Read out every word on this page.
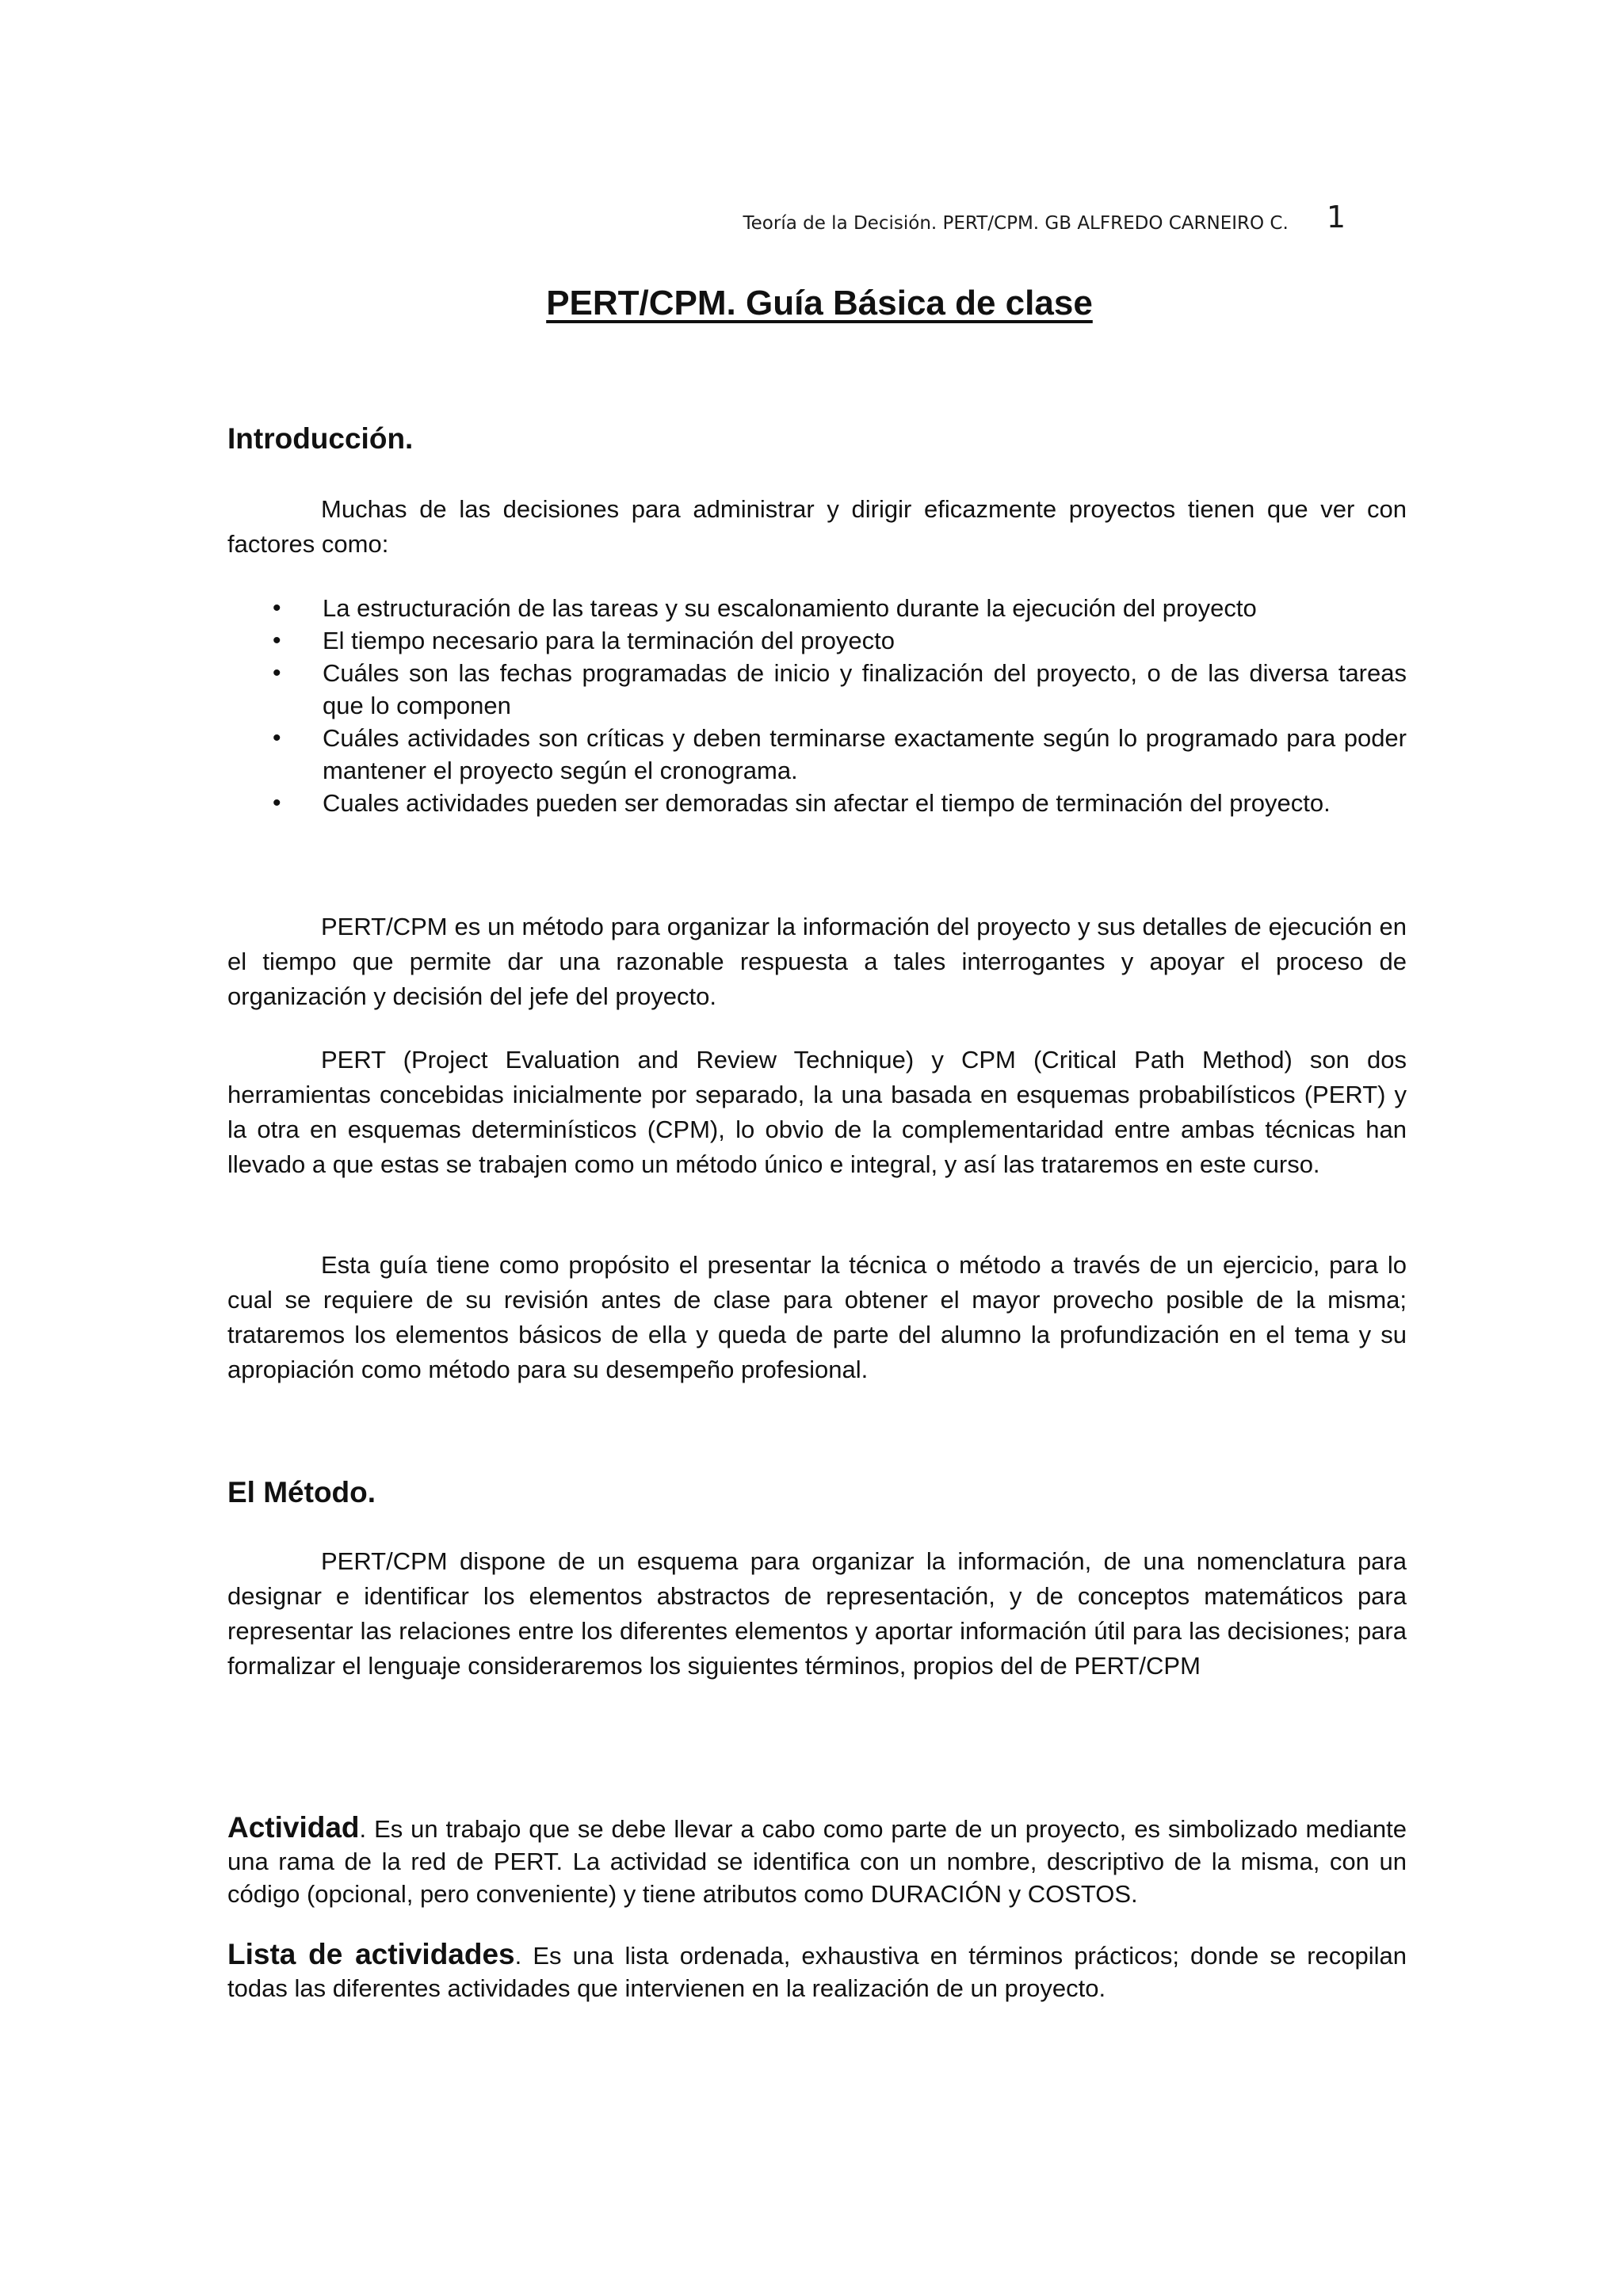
Teoría de la Decisión. PERT/CPM. GB ALFREDO CARNEIRO C. 1
PERT/CPM. Guía Básica de clase
Introducción.

Muchas de las decisiones para administrar y dirigir eficazmente proyectos tienen que ver con factores como:

• La estructuración de las tareas y su escalonamiento durante la ejecución del proyecto
• El tiempo necesario para la terminación del proyecto
• Cuáles son las fechas programadas de inicio y finalización del proyecto, o de las diversa tareas que lo componen
• Cuáles actividades son críticas y deben terminarse exactamente según lo programado para poder mantener el proyecto según el cronograma.
• Cuales actividades pueden ser demoradas sin afectar el tiempo de terminación del proyecto.

PERT/CPM es un método para organizar la información del proyecto y sus detalles de ejecución en el tiempo que permite dar una razonable respuesta a tales interrogantes y apoyar el proceso de organización y decisión del jefe del proyecto.

PERT (Project Evaluation and Review Technique) y CPM (Critical Path Method) son dos herramientas concebidas inicialmente por separado, la una basada en esquemas probabilísticos (PERT) y la otra en esquemas determinísticos (CPM), lo obvio de la complementaridad entre ambas técnicas han llevado a que estas se trabajen como un método único e integral, y así las trataremos en este curso.

Esta guía tiene como propósito el presentar la técnica o método a través de un ejercicio, para lo cual se requiere de su revisión antes de clase para obtener el mayor provecho posible de la misma; trataremos los elementos básicos de ella y queda de parte del alumno la profundización en el tema y su apropiación como método para su desempeño profesional.

El Método.

PERT/CPM dispone de un esquema para organizar la información, de una nomenclatura para designar e identificar los elementos abstractos de representación, y de conceptos matemáticos para representar las relaciones entre los diferentes elementos y aportar información útil para las decisiones; para formalizar el lenguaje consideraremos los siguientes términos, propios del de PERT/CPM

Actividad. Es un trabajo que se debe llevar a cabo como parte de un proyecto, es simbolizado mediante una rama de la red de PERT. La actividad se identifica con un nombre, descriptivo de la misma, con un código (opcional, pero conveniente) y tiene atributos como DURACIÓN y COSTOS.
Lista de actividades. Es una lista ordenada, exhaustiva en términos prácticos; donde se recopilan todas las diferentes actividades que intervienen en la realización de un proyecto.
